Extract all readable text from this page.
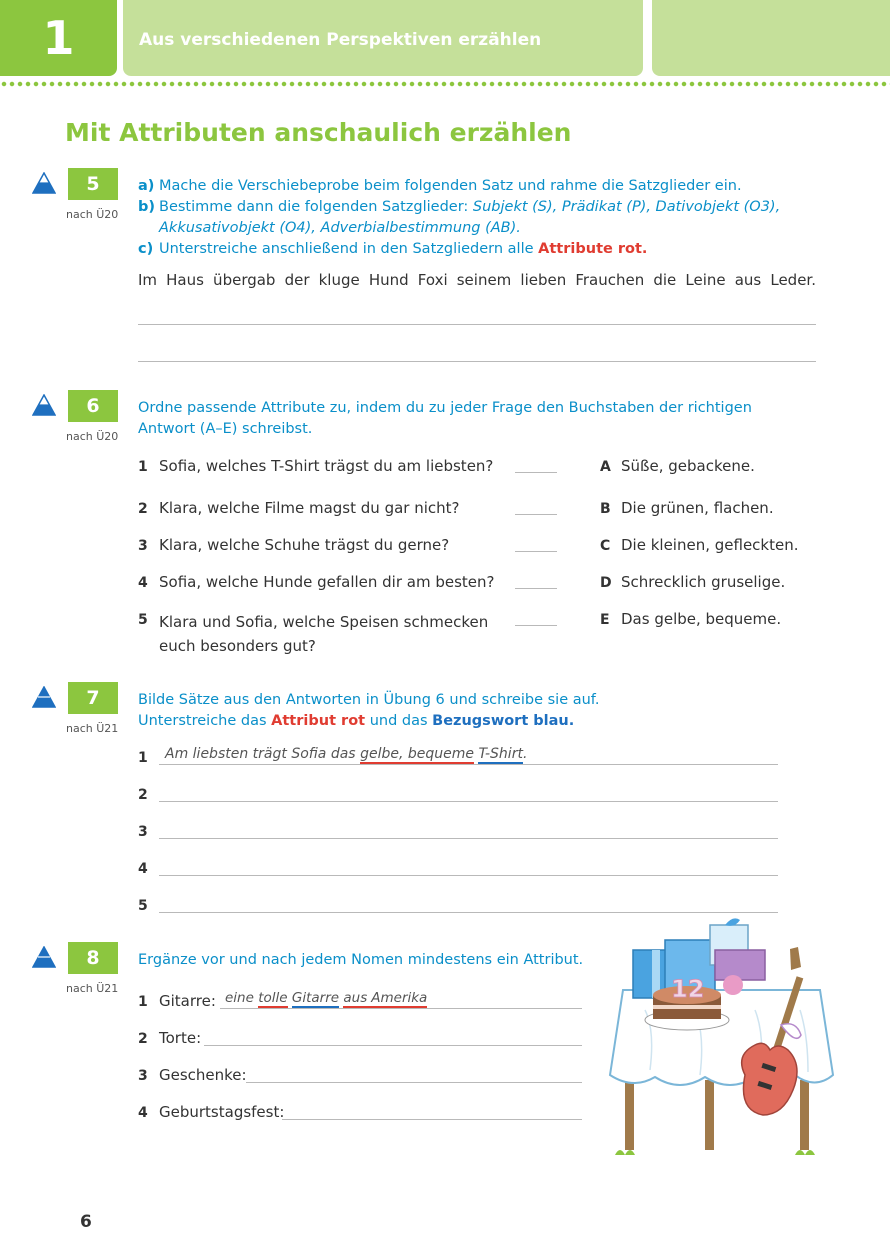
1	Aus verschiedenen Perspektiven erzählen
Mit Attributen anschaulich erzählen
5
nach Ü20
a) Mache die Verschiebeprobe beim folgenden Satz und rahme die Satzglieder ein.
b) Bestimme dann die folgenden Satzglieder: Subjekt (S), Prädikat (P), Dativobjekt (O3),
Akkusativobjekt (O4), Adverbialbestimmung (AB).
c) Unterstreiche anschließend in den Satzgliedern alle Attribute rot.
Im Haus übergab der kluge Hund Foxi seinem lieben Frauchen die Leine aus Leder.
6
nach Ü20
Ordne passende Attribute zu, indem du zu jeder Frage den Buchstaben der richtigen
Antwort (A–E) schreibst.
1 Sofia, welches T-Shirt trägst du am liebsten?
2 Klara, welche Filme magst du gar nicht?
3 Klara, welche Schuhe trägst du gerne?
4 Sofia, welche Hunde gefallen dir am besten?
5 Klara und Sofia, welche Speisen schmecken
euch besonders gut?
A Süße, gebackene.
B Die grünen, flachen.
C Die kleinen, gefleckten.
D Schrecklich gruselige.
E Das gelbe, bequeme.
7
nach Ü21
Bilde Sätze aus den Antworten in Übung 6 und schreibe sie auf.
Unterstreiche das Attribut rot und das Bezugswort blau.
1 Am liebsten trägt Sofia das gelbe, bequeme T-Shirt.
2
3
4
5
8
nach Ü21
Ergänze vor und nach jedem Nomen mindestens ein Attribut.
1 Gitarre: eine tolle Gitarre aus Amerika
2 Torte:
3 Geschenke:
4 Geburtstagsfest:
12
6
